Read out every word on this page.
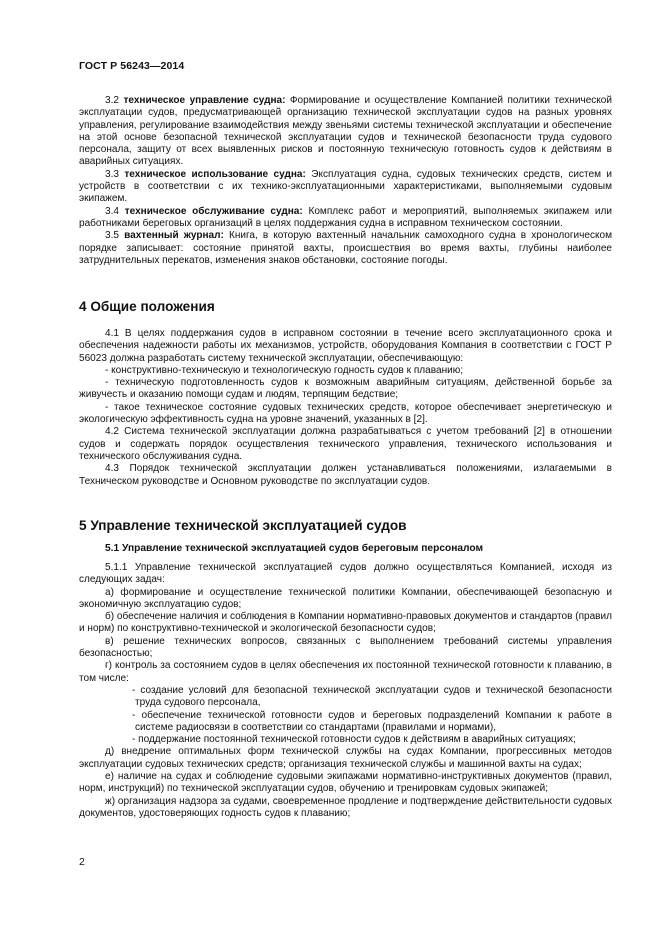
ГОСТ Р 56243—2014

3.2 техническое управление судна: Формирование и осуществление Компанией политики технической эксплуатации судов, предусматривающей организацию технической эксплуатации судов на разных уровнях управления, регулирование взаимодействия между звеньями системы технической эксплуатации и обеспечение на этой основе безопасной технической эксплуатации судов и технической безопасности труда судового персонала, защиту от всех выявленных рисков и постоянную техническую готовность судов к действиям в аварийных ситуациях.

3.3 техническое использование судна: Эксплуатация судна, судовых технических средств, систем и устройств в соответствии с их технико-эксплуатационными характеристиками, выполняемыми судовым экипажем.

3.4 техническое обслуживание судна: Комплекс работ и мероприятий, выполняемых экипажем или работниками береговых организаций в целях поддержания судна в исправном техническом состоянии.

3.5 вахтенный журнал: Книга, в которую вахтенный начальник самоходного судна в хронологическом порядке записывает: состояние принятой вахты, происшествия во время вахты, глубины наиболее затруднительных перекатов, изменения знаков обстановки, состояние погоды.

4 Общие положения

4.1 В целях поддержания судов в исправном состоянии в течение всего эксплуатационного срока и обеспечения надежности работы их механизмов, устройств, оборудования Компания в соответствии с ГОСТ Р 56023 должна разработать систему технической эксплуатации, обеспечивающую:

- конструктивно-техническую и технологическую годность судов к плаванию;

- техническую подготовленность судов к возможным аварийным ситуациям, действенной борьбе за живучесть и оказанию помощи судам и людям, терпящим бедствие;

- такое техническое состояние судовых технических средств, которое обеспечивает энергетическую и экологическую эффективность судна на уровне значений, указанных в [2].

4.2 Система технической эксплуатации должна разрабатываться с учетом требований [2] в отношении судов и содержать порядок осуществления технического управления, технического использования и технического обслуживания судна.

4.3 Порядок технической эксплуатации должен устанавливаться положениями, излагаемыми в Техническом руководстве и Основном руководстве по эксплуатации судов.

5 Управление технической эксплуатацией судов
5.1 Управление технической эксплуатацией судов береговым персоналом

5.1.1 Управление технической эксплуатацией судов должно осуществляться Компанией, исходя из следующих задач:

а) формирование и осуществление технической политики Компании, обеспечивающей безопасную и экономичную эксплуатацию судов;

б) обеспечение наличия и соблюдения в Компании нормативно-правовых документов и стандартов (правил и норм) по конструктивно-технической и экологической безопасности судов;

в) решение технических вопросов, связанных с выполнением требований системы управления безопасностью;

г) контроль за состоянием судов в целях обеспечения их постоянной технической готовности к плаванию, в том числе:

- создание условий для безопасной технической эксплуатации судов и технической безопасности труда судового персонала,

- обеспечение технической готовности судов и береговых подразделений Компании к работе в системе радиосвязи в соответствии со стандартами (правилами и нормами),

- поддержание постоянной технической готовности судов к действиям в аварийных ситуациях;

д) внедрение оптимальных форм технической службы на судах Компании, прогрессивных методов эксплуатации судовых технических средств; организация технической службы и машинной вахты на судах;

е) наличие на судах и соблюдение судовыми экипажами нормативно-инструктивных документов (правил, норм, инструкций) по технической эксплуатации судов, обучению и тренировкам судовых экипажей;

ж) организация надзора за судами, своевременное продление и подтверждение действительности судовых документов, удостоверяющих годность судов к плаванию;

2
